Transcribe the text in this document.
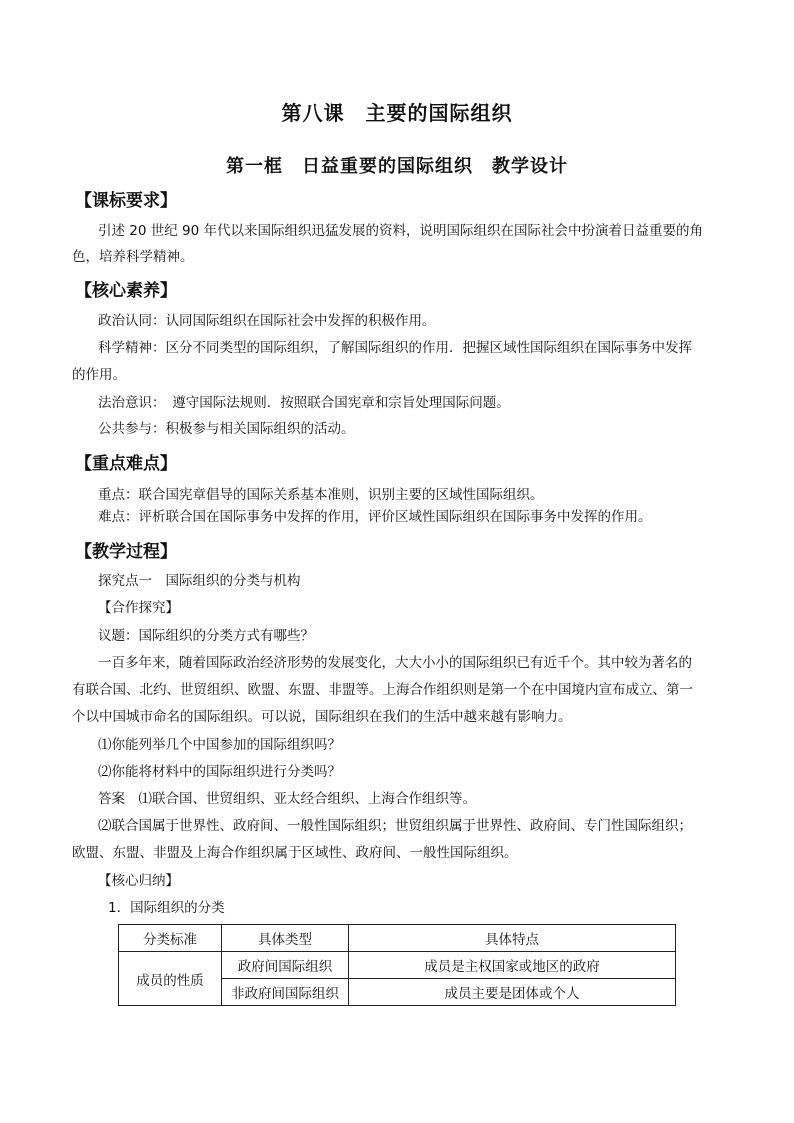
第八课　主要的国际组织
第一框　日益重要的国际组织　教学设计
【课标要求】
引述 20 世纪 90 年代以来国际组织迅猛发展的资料，说明国际组织在国际社会中扮演着日益重要的角
色，培养科学精神。
【核心素养】
政治认同：认同国际组织在国际社会中发挥的积极作用。
科学精神：区分不同类型的国际组织，了解国际组织的作用．把握区域性国际组织在国际事务中发挥
的作用。
法治意识：　遵守国际法规则．按照联合国宪章和宗旨处理国际问题。
公共参与：积极参与相关国际组织的活动。
【重点难点】
重点：联合国宪章倡导的国际关系基本准则，识别主要的区域性国际组织。
难点：评析联合国在国际事务中发挥的作用，评价区域性国际组织在国际事务中发挥的作用。
【教学过程】
探究点一　国际组织的分类与机构
【合作探究】
议题：国际组织的分类方式有哪些？
一百多年来，随着国际政治经济形势的发展变化，大大小小的国际组织已有近千个。其中较为著名的
有联合国、北约、世贸组织、欧盟、东盟、非盟等。上海合作组织则是第一个在中国境内宣布成立、第一
个以中国城市命名的国际组织。可以说，国际组织在我们的生活中越来越有影响力。
⑴你能列举几个中国参加的国际组织吗？
⑵你能将材料中的国际组织进行分类吗？
答案　⑴联合国、世贸组织、亚太经合组织、上海合作组织等。
⑵联合国属于世界性、政府间、一般性国际组织；世贸组织属于世界性、政府间、专门性国际组织；
欧盟、东盟、非盟及上海合作组织属于区域性、政府间、一般性国际组织。
【核心归纳】
1．国际组织的分类
分类标准	具体类型	具体特点
成员的性质	政府间国际组织	成员是主权国家或地区的政府
	非政府间国际组织	成员主要是团体或个人
